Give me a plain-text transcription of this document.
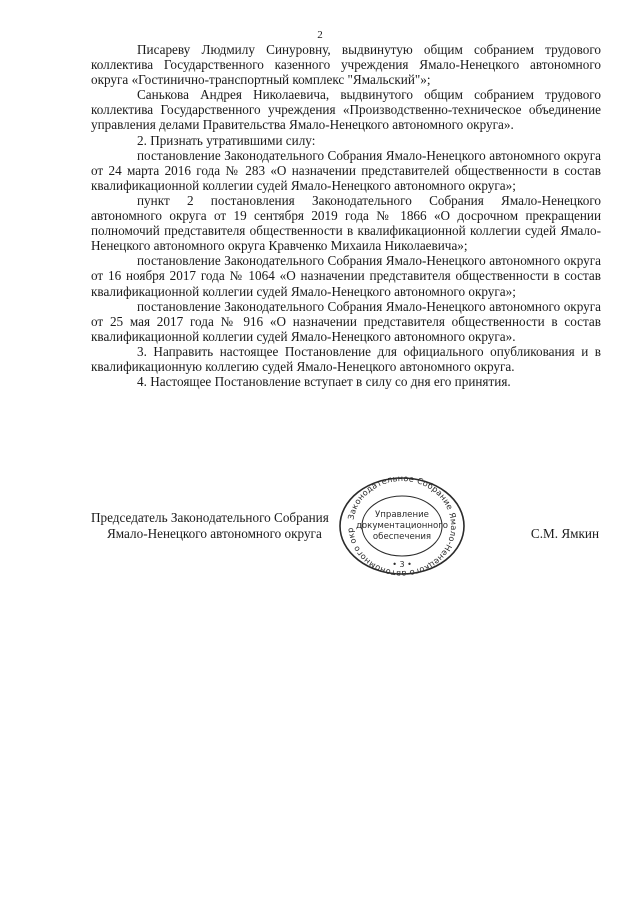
2

Писареву Людмилу Синуровну, выдвинутую общим собранием трудового коллектива Государственного казенного учреждения Ямало-Ненецкого автономного округа «Гостинично-транспортный комплекс "Ямальский"»;

Санькова Андрея Николаевича, выдвинутого общим собранием трудового коллектива Государственного учреждения «Производственно-техническое объединение управления делами Правительства Ямало-Ненецкого автономного округа».

2. Признать утратившими силу:

постановление Законодательного Собрания Ямало-Ненецкого автономного округа от 24 марта 2016 года № 283 «О назначении представителей общественности в состав квалификационной коллегии судей Ямало-Ненецкого автономного округа»;

пункт 2 постановления Законодательного Собрания Ямало-Ненецкого автономного округа от 19 сентября 2019 года № 1866 «О досрочном прекращении полномочий представителя общественности в квалификационной коллегии судей Ямало-Ненецкого автономного округа Кравченко Михаила Николаевича»;

постановление Законодательного Собрания Ямало-Ненецкого автономного округа от 16 ноября 2017 года № 1064 «О назначении представителя общественности в состав квалификационной коллегии судей Ямало-Ненецкого автономного округа»;

постановление Законодательного Собрания Ямало-Ненецкого автономного округа от 25 мая 2017 года № 916 «О назначении представителя общественности в состав квалификационной коллегии судей Ямало-Ненецкого автономного округа».

3. Направить настоящее Постановление для официального опубликования и в квалификационную коллегию судей Ямало-Ненецкого автономного округа.

4. Настоящее Постановление вступает в силу со дня его принятия.

Председатель Законодательного Собрания
Ямало-Ненецкого автономного округа
Законодательное Собрание Ямало-Ненецкого автономного округа
Управление
документационного
обеспечения
• 3 •
С.М. Ямкин
